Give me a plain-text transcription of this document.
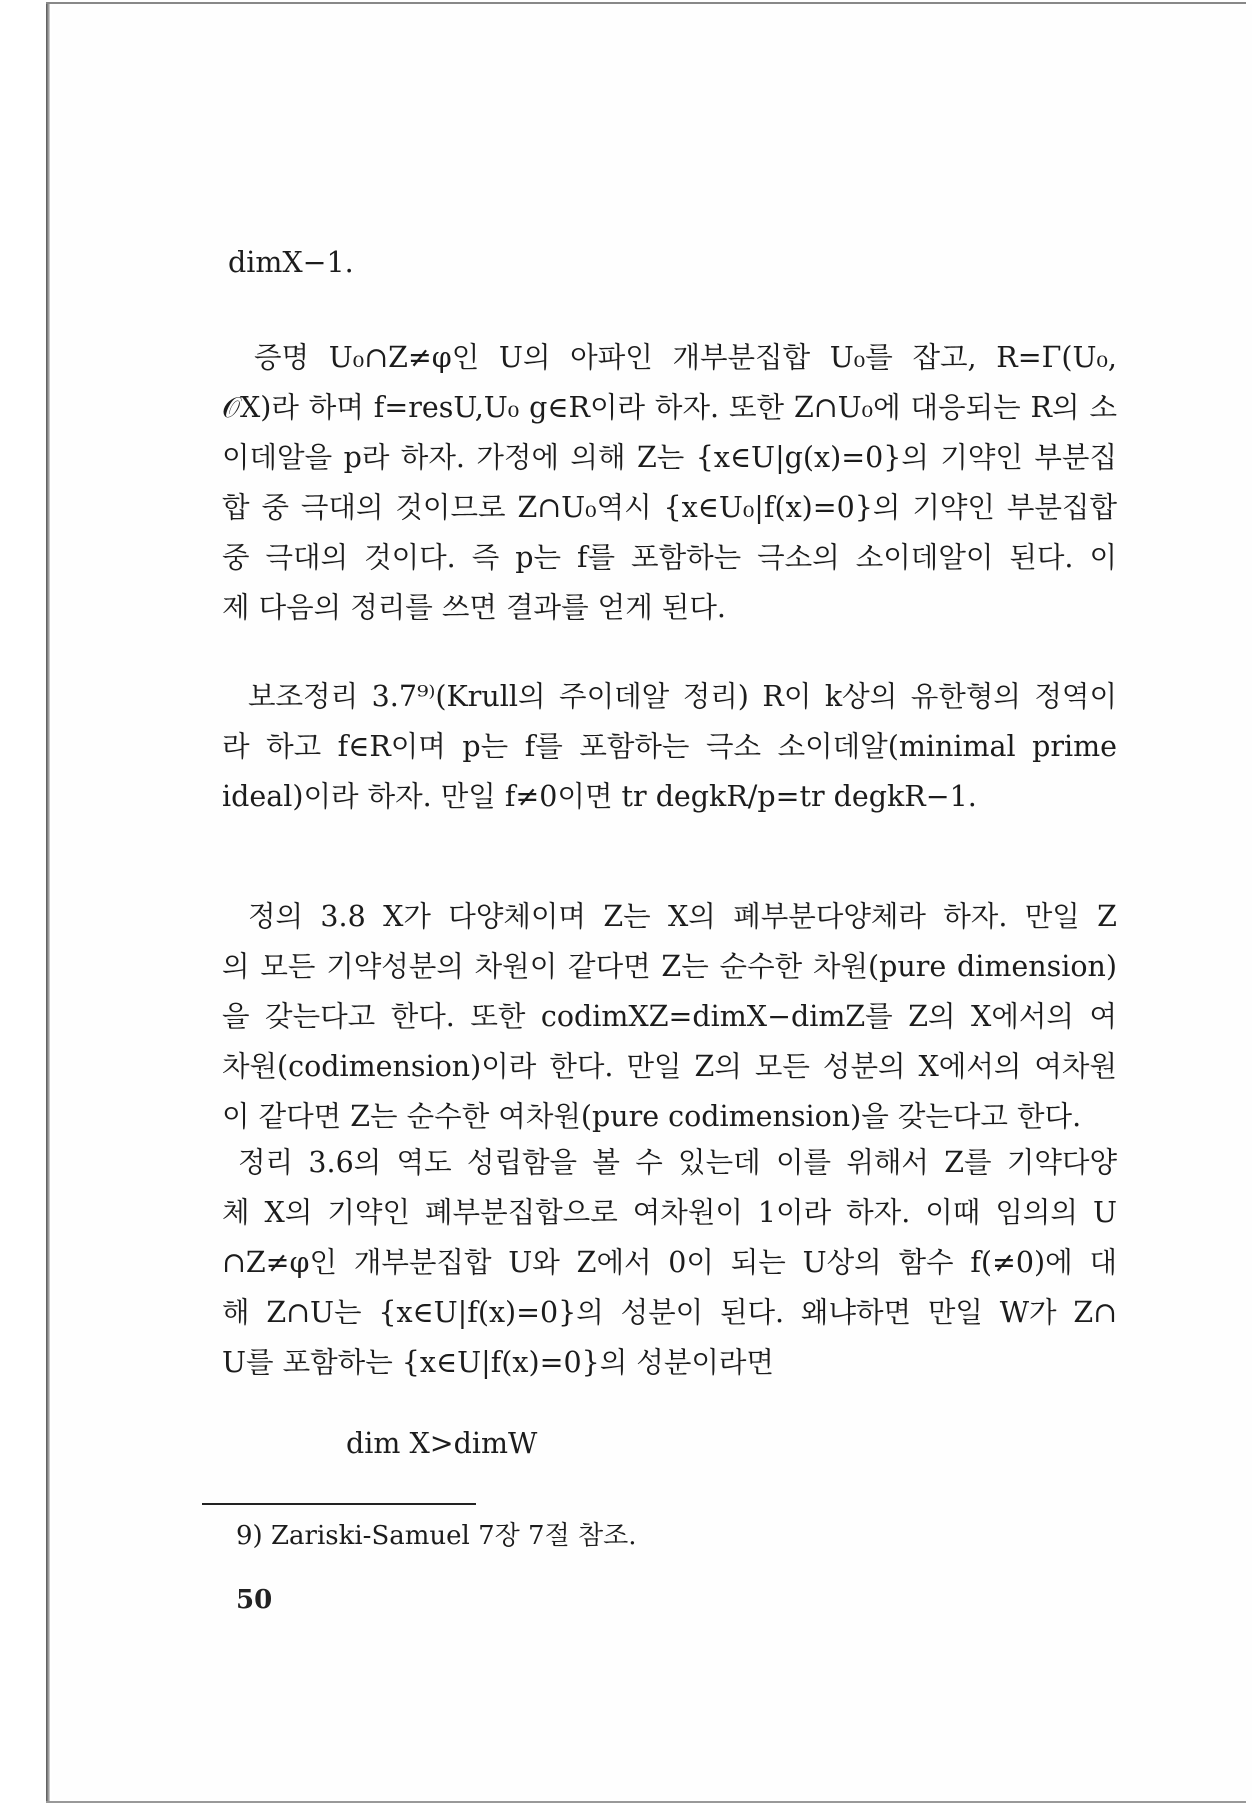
dimX−1.

증명 U₀∩Z≠φ인 U의 아파인 개부분집합 U₀를 잡고, R=Γ(U₀,

𝒪X)라 하며 f=resU,U₀ g∈R이라 하자. 또한 Z∩U₀에 대응되는 R의 소

이데알을 p라 하자. 가정에 의해 Z는 {x∈U|g(x)=0}의 기약인 부분집

합 중 극대의 것이므로 Z∩U₀역시 {x∈U₀|f(x)=0}의 기약인 부분집합

중 극대의 것이다. 즉 p는 f를 포함하는 극소의 소이데알이 된다. 이

제 다음의 정리를 쓰면 결과를 얻게 된다.

보조정리 3.7⁹⁾(Krull의 주이데알 정리) R이 k상의 유한형의 정역이

라 하고 f∈R이며 p는 f를 포함하는 극소 소이데알(minimal prime

ideal)이라 하자. 만일 f≠0이면 tr degkR/p=tr degkR−1.

정의 3.8 X가 다양체이며 Z는 X의 폐부분다양체라 하자. 만일 Z

의 모든 기약성분의 차원이 같다면 Z는 순수한 차원(pure dimension)

을 갖는다고 한다. 또한 codimXZ=dimX−dimZ를 Z의 X에서의 여

차원(codimension)이라 한다. 만일 Z의 모든 성분의 X에서의 여차원

이 같다면 Z는 순수한 여차원(pure codimension)을 갖는다고 한다.

정리 3.6의 역도 성립함을 볼 수 있는데 이를 위해서 Z를 기약다양

체 X의 기약인 폐부분집합으로 여차원이 1이라 하자. 이때 임의의 U

∩Z≠φ인 개부분집합 U와 Z에서 0이 되는 U상의 함수 f(≠0)에 대

해 Z∩U는 {x∈U|f(x)=0}의 성분이 된다. 왜냐하면 만일 W가 Z∩

U를 포함하는 {x∈U|f(x)=0}의 성분이라면

dim X>dimW
9) Zariski-Samuel 7장 7절 참조.
50
